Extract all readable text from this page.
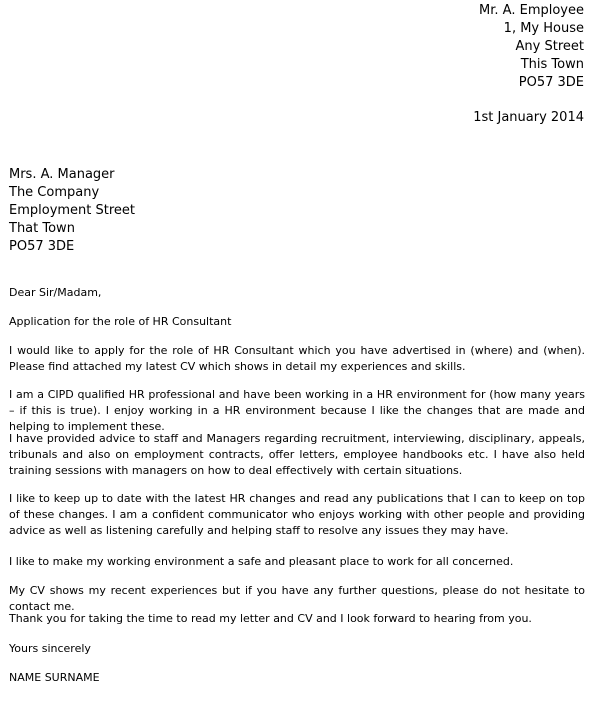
Mr. A. Employee
1, My House
Any Street
This Town
PO57 3DE
1st January 2014
Mrs. A. Manager
The Company
Employment Street
That Town
PO57 3DE
Dear Sir/Madam,
Application for the role of HR Consultant
I would like to apply for the role of HR Consultant which you have advertised in (where) and (when). Please find attached my latest CV which shows in detail my experiences and skills.
I am a CIPD qualified HR professional and have been working in a HR environment for (how many years – if this is true). I enjoy working in a HR environment because I like the changes that are made and helping to implement these.
I have provided advice to staff and Managers regarding recruitment, interviewing, disciplinary, appeals, tribunals and also on employment contracts, offer letters, employee handbooks etc. I have also held training sessions with managers on how to deal effectively with certain situations.
I like to keep up to date with the latest HR changes and read any publications that I can to keep on top of these changes. I am a confident communicator who enjoys working with other people and providing advice as well as listening carefully and helping staff to resolve any issues they may have.
I like to make my working environment a safe and pleasant place to work for all concerned.
My CV shows my recent experiences but if you have any further questions, please do not hesitate to contact me.
Thank you for taking the time to read my letter and CV and I look forward to hearing from you.
Yours sincerely
NAME SURNAME
